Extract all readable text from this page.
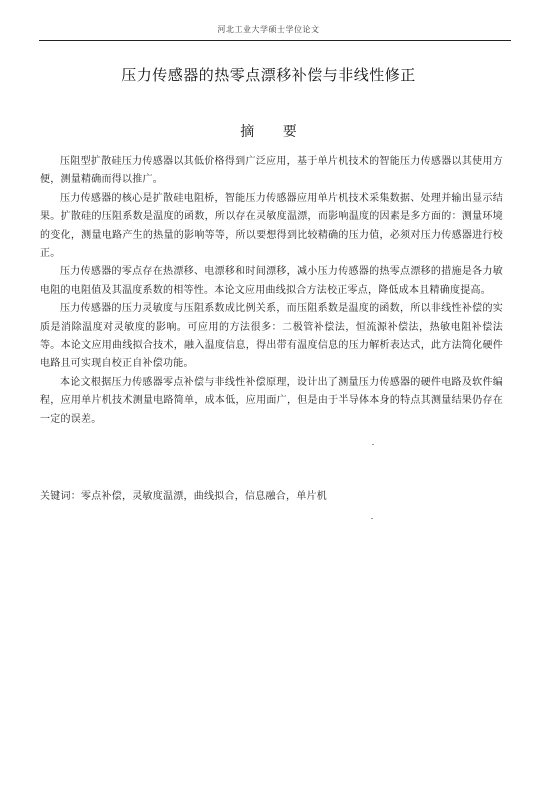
河北工业大学硕士学位论文
压力传感器的热零点漂移补偿与非线性修正
摘 要

压阻型扩散硅压力传感器以其低价格得到广泛应用，基于单片机技术的智能压力传感器以其使用方便，测量精确而得以推广。

压力传感器的核心是扩散硅电阻桥，智能压力传感器应用单片机技术采集数据、处理并输出显示结果。扩散硅的压阻系数是温度的函数，所以存在灵敏度温漂，而影响温度的因素是多方面的：测量环境的变化，测量电路产生的热量的影响等等，所以要想得到比较精确的压力值，必须对压力传感器进行校正。

压力传感器的零点存在热漂移、电漂移和时间漂移，减小压力传感器的热零点漂移的措施是各力敏电阻的电阻值及其温度系数的相等性。本论文应用曲线拟合方法校正零点，降低成本且精确度提高。

压力传感器的压力灵敏度与压阻系数成比例关系，而压阻系数是温度的函数，所以非线性补偿的实质是消除温度对灵敏度的影响。可应用的方法很多：二极管补偿法，恒流源补偿法，热敏电阻补偿法等。本论文应用曲线拟合技术，融入温度信息，得出带有温度信息的压力解析表达式，此方法简化硬件电路且可实现自校正自补偿功能。

本论文根据压力传感器零点补偿与非线性补偿原理，设计出了测量压力传感器的硬件电路及软件编程，应用单片机技术测量电路简单，成本低，应用面广，但是由于半导体本身的特点其测量结果仍存在一定的误差。

关键词：零点补偿，灵敏度温漂，曲线拟合，信息融合，单片机
